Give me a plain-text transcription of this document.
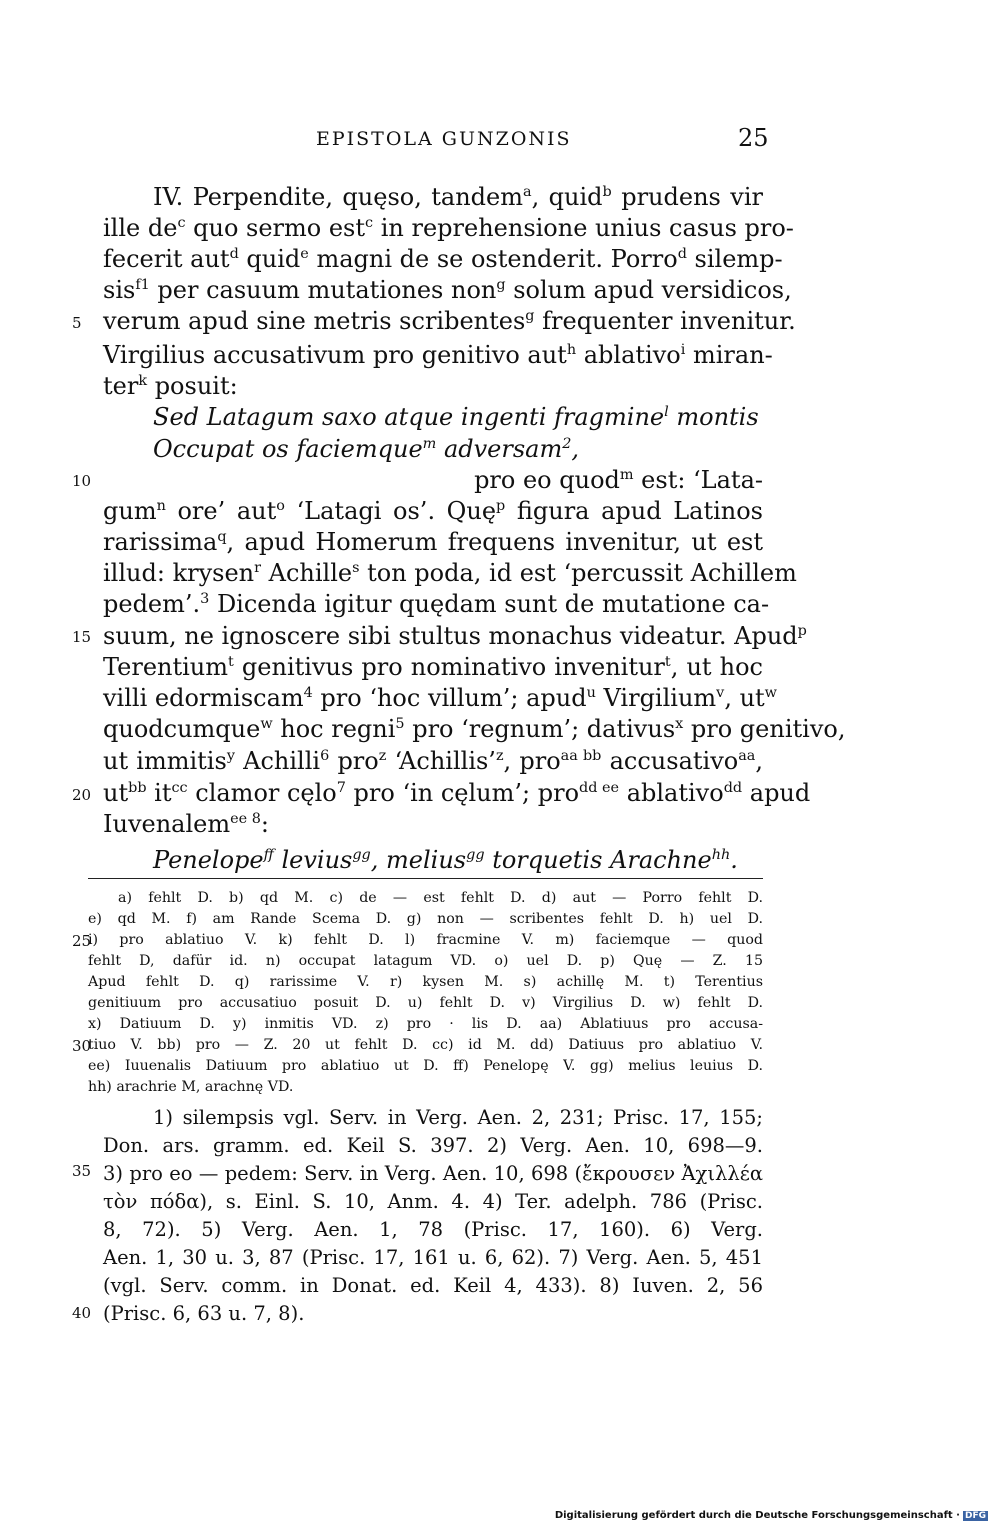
EPISTOLA GUNZONIS	25
IV. Perpendite, quęso, tandem$^a$, quid$^b$ prudens vir
ille $de^c$ quo sermo est$^c$ in reprehensione unius casus pro-
fecerit aut$^d$ quid$^e$ magni de se ostenderit. Porro$^d$ silemp-
sis$^{f1}$ per casuum mutationes non$^g$ solum apud versidicos,
verum apud sine metris scribentes$^g$ frequenter invenitur.
Virgilius accusativum pro genitivo aut$^h$ ablativo$^i$ miran-
ter$^k$ posuit:
Sed Latagum saxo atque ingenti fragmine$^l$ montis
Occupat os faciemque$^m$ adversam$^2$,
pro eo quod$^m$ est: ‘Lata-
gum$^n$ ore’ aut$^o$ ‘Latagi os’. Quę$^p$ figura apud Latinos
rarissima$^q$, apud Homerum frequens invenitur, ut est
illud: krysen$^r$ Achille$^s$ ton poda, id est ‘percussit Achillem
pedem’.$^3$ Dicenda igitur quędam sunt de mutatione ca-
suum, ne ignoscere sibi stultus monachus videatur. Apud$^p$
Terentium$^t$ genitivus pro nominativo invenitur$^t$, ut hoc
villi edormiscam$^4$ pro ‘hoc villum’; apud$^u$ Virgilium$^v$, $ut^w$
quodcumque$^w$ hoc regni$^5$ pro ‘regnum’; dativus$^x$ pro genitivo,
ut immitis$^y$ Achilli$^6$ pro$^z$ ‘Achillis’$^z$, pro$^{aa bb}$ accusativo$^{aa}$,
$ut^{bb}$ $it^{cc}$ clamor cęlo$^7$ pro ‘in cęlum’; pro$^{dd ee}$ ablativo$^{dd}$ apud
Iuvenalem$^{ee 8}$:
Penelope$^{ff}$ levius$^{gg}$, melius$^{gg}$ torquetis Arachne$^{hh}$.
5
10
15
20
25
30
35
40
a) fehlt D. b) qd M. c) de — est fehlt D. d) aut — Porro fehlt D.
e) qd M. f) am Rande Scema D. g) non — scribentes fehlt D. h) uel D.
i) pro ablatiuo V. k) fehlt D. l) fracmine V. m) faciemque — quod
fehlt D, dafür id. n) occupat latagum VD. o) uel D. p) Quę — Z. 15
Apud fehlt D. q) rarissime V. r) kysen M. s) achillę M. t) Terentius
genitiuum pro accusatiuo posuit D. u) fehlt D. v) Virgilius D. w) fehlt D.
x) Datiuum D. y) inmitis VD. z) pro · lis D. aa) Ablatiuus pro accusa-
tiuo V. bb) pro — Z. 20 ut fehlt D. cc) id M. dd) Datiuus pro ablatiuo V.
ee) Iuuenalis Datiuum pro ablatiuo ut D. ff) Penelopę V. gg) melius leuius D.
hh) arachrie M, arachnę VD.
1) silempsis vgl. Serv. in Verg. Aen. 2, 231; Prisc. 17, 155;
Don. ars. gramm. ed. Keil S. 397. 2) Verg. Aen. 10, 698—9.
3) pro eo — pedem: Serv. in Verg. Aen. 10, 698 (ἔκρουσεν Ἀχιλλέα
τὸν πόδα), s. Einl. S. 10, Anm. 4. 4) Ter. adelph. 786 (Prisc.
8, 72). 5) Verg. Aen. 1, 78 (Prisc. 17, 160). 6) Verg.
Aen. 1, 30 u. 3, 87 (Prisc. 17, 161 u. 6, 62). 7) Verg. Aen. 5, 451
(vgl. Serv. comm. in Donat. ed. Keil 4, 433). 8) Iuven. 2, 56
(Prisc. 6, 63 u. 7, 8).
Digitalisierung gefördert durch die Deutsche Forschungsgemeinschaft · DFG
